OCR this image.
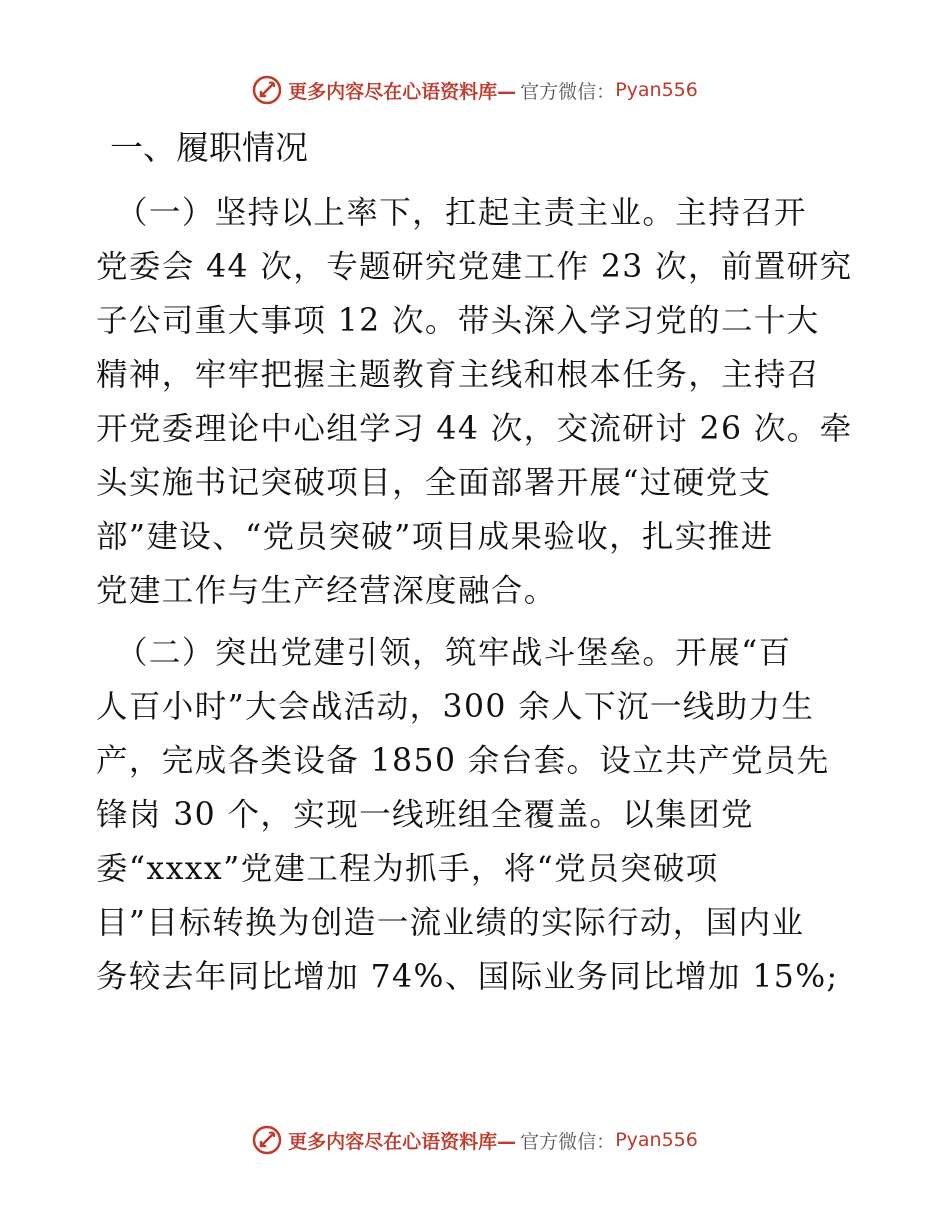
更多内容尽在心语资料库— 官方微信： Pyan556
一、履职情况
（一）坚持以上率下，扛起主责主业。主持召开
党委会 44 次，专题研究党建工作 23 次，前置研究
子公司重大事项 12 次。带头深入学习党的二十大
精神，牢牢把握主题教育主线和根本任务，主持召
开党委理论中心组学习 44 次，交流研讨 26 次。牵
头实施书记突破项目，全面部署开展“过硬党支
部”建设、“党员突破”项目成果验收，扎实推进
党建工作与生产经营深度融合。
（二）突出党建引领，筑牢战斗堡垒。开展“百
人百小时”大会战活动，300 余人下沉一线助力生
产，完成各类设备 1850 余台套。设立共产党员先
锋岗 30 个，实现一线班组全覆盖。以集团党
委“xxxx”党建工程为抓手，将“党员突破项
目”目标转换为创造一流业绩的实际行动，国内业
务较去年同比增加 74%、国际业务同比增加 15%;
更多内容尽在心语资料库— 官方微信： Pyan556
